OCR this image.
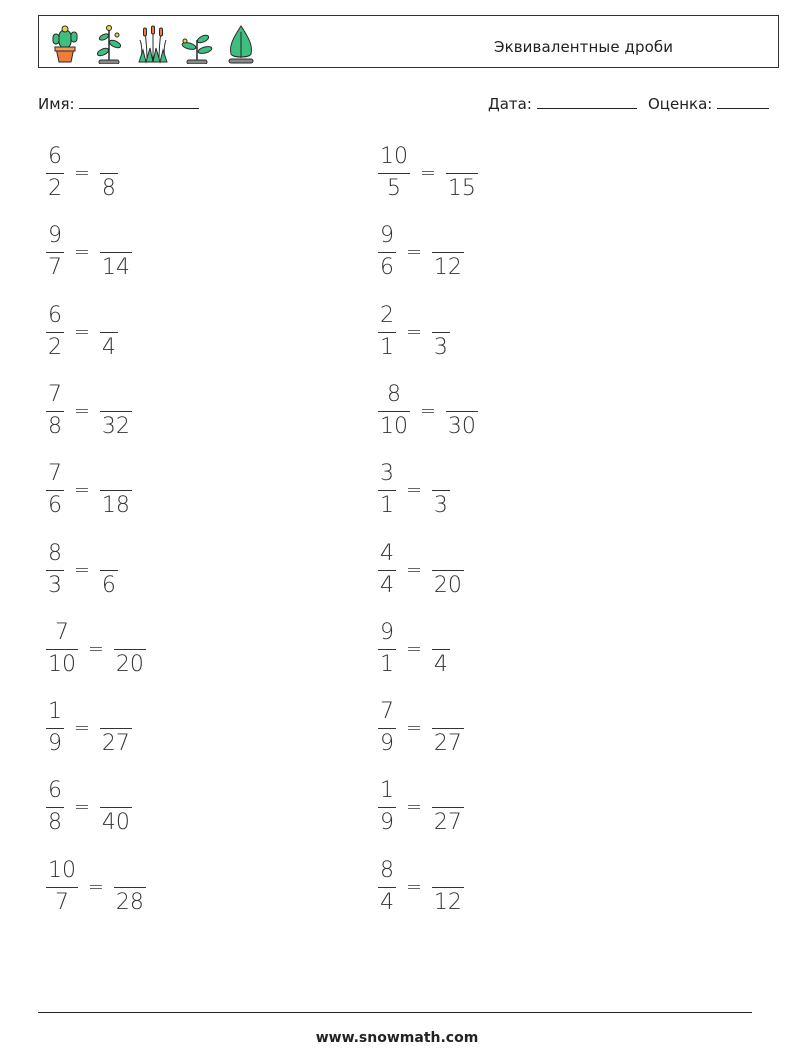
Эквивалентные дроби
Имя:	Дата:	Оценка:
$\frac{6}{2}$ =
8
$\frac{9}{7}$ =
14
$\frac{6}{2}$ =
4
$\frac{7}{8}$ =
32
$\frac{7}{6}$ =
18
$\frac{8}{3}$ =
6
$\frac{7}{10}$ =
20
$\frac{1}{9}$ =
27
$\frac{6}{8}$ =
40
$\frac{10}{7}$ =
28
$\frac{10}{5}$ =
15
$\frac{9}{6}$ =
12
$\frac{2}{1}$ =
3
$\frac{8}{10}$ =
30
$\frac{3}{1}$ =
3
$\frac{4}{4}$ =
20
$\frac{9}{1}$ =
4
$\frac{7}{9}$ =
27
$\frac{1}{9}$ =
27
$\frac{8}{4}$ =
12
www.snowmath.com
